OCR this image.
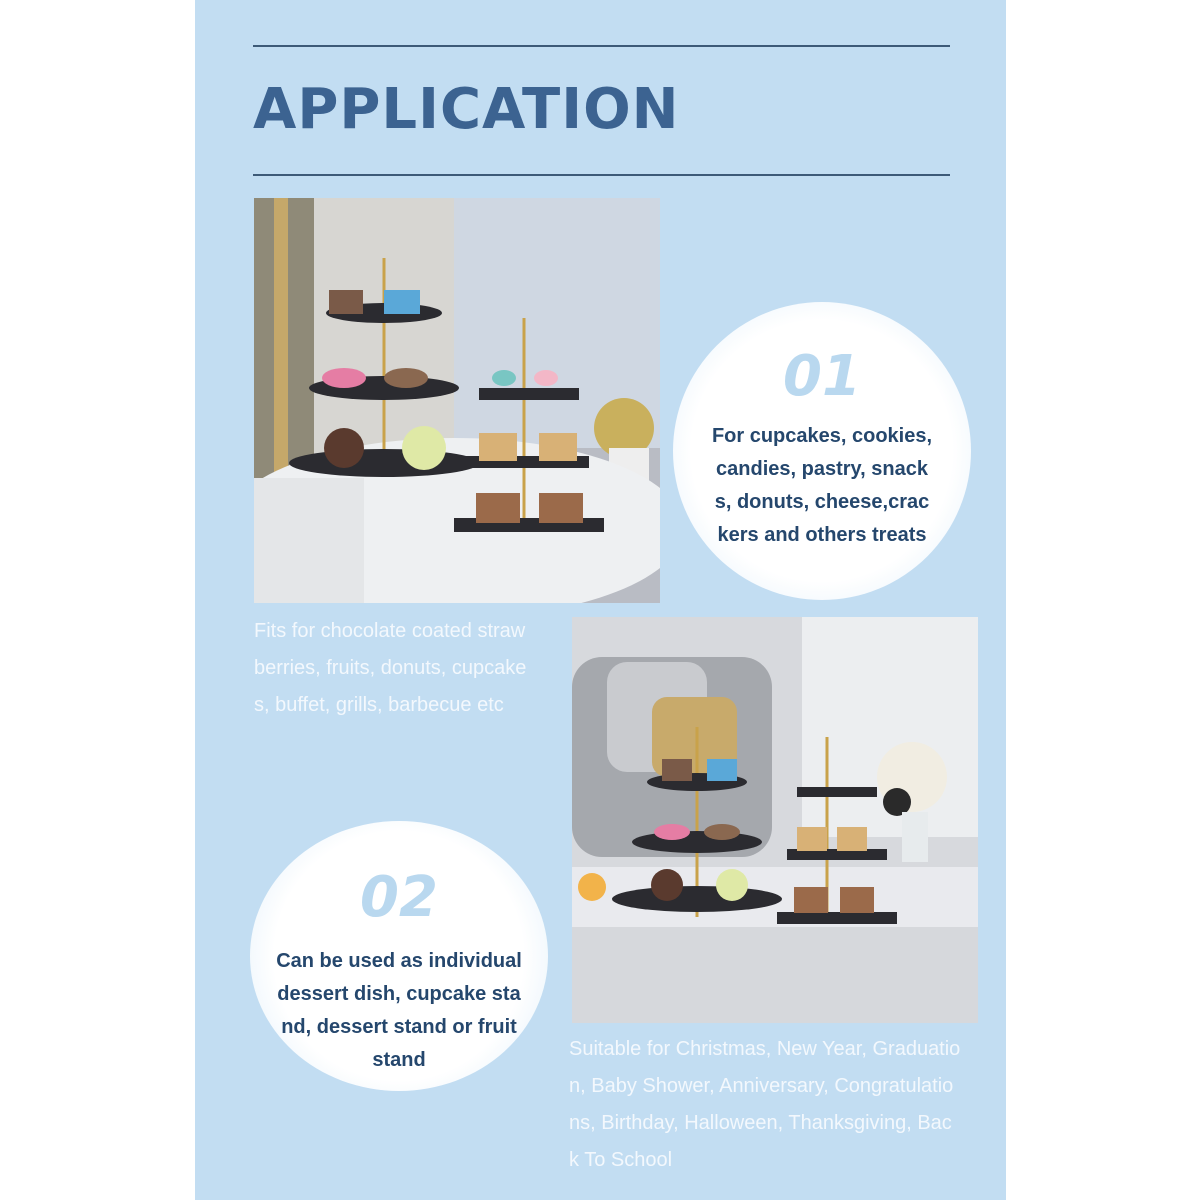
APPLICATION
01

For cupcakes, cookies,
candies, pastry, snack
s, donuts, cheese,crac
kers and others treats

Fits for chocolate coated straw
berries, fruits, donuts, cupcake
s, buffet, grills, barbecue etc

02

Can be used as individual
dessert dish, cupcake sta
nd, dessert stand or fruit
stand	Suitable for Christmas, New Year, Graduatio
n, Baby Shower, Anniversary, Congratulatio
ns, Birthday, Halloween, Thanksgiving, Bac
k To School
